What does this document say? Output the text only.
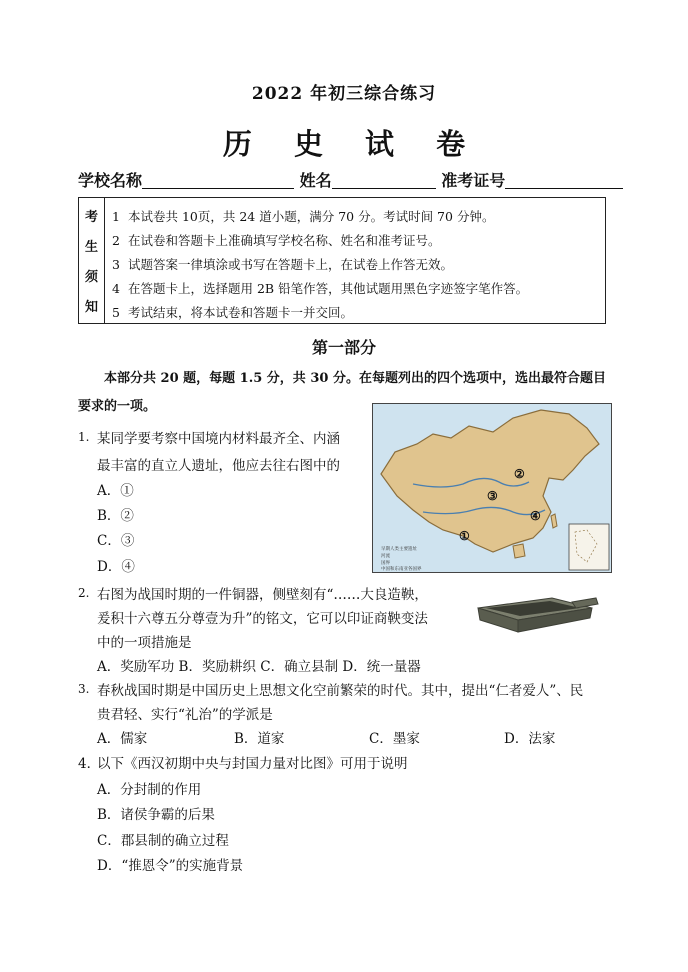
2022 年初三综合练习
历 史 试 卷
学校名称	姓名	准考证号
考
生
须
知
1 本试卷共 10页，共 24 道小题，满分 70 分。考试时间 70 分钟。
2 在试卷和答题卡上准确填写学校名称、姓名和准考证号。
3 试题答案一律填涂或书写在答题卡上，在试卷上作答无效。
4 在答题卡上，选择题用 2B 铅笔作答，其他试题用黑色字迹签字笔作答。
5 考试结束，将本试卷和答题卡一并交回。
第一部分
本部分共 20 题，每题 1.5 分，共 30 分。在每题列出的四个选项中，选出最符合题目要求的一项。
1. 某同学要考察中国境内材料最齐全、内涵
最丰富的直立人遗址，他应去往右图中的
A．①
B．②
C．③
D．④
②
③
④
①
早期人类主要遗址
河流
国界
中国和东南亚各国界
2. 右图为战国时期的一件铜器，侧壁刻有“……大良造鞅，
爰积十六尊五分尊壹为升”的铭文，它可以印证商鞅变法
中的一项措施是
A．奖励军功 B．奖励耕织 C．确立县制 D．统一量器
3. 春秋战国时期是中国历史上思想文化空前繁荣的时代。其中，提出“仁者爱人”、民
贵君轻、实行“礼治”的学派是
A．儒家	B．道家	C．墨家	D．法家
4．
以下《西汉初期中央与封国力量对比图》可用于说明
A．分封制的作用
B．诸侯争霸的后果
C．郡县制的确立过程
D．“推恩令”的实施背景
